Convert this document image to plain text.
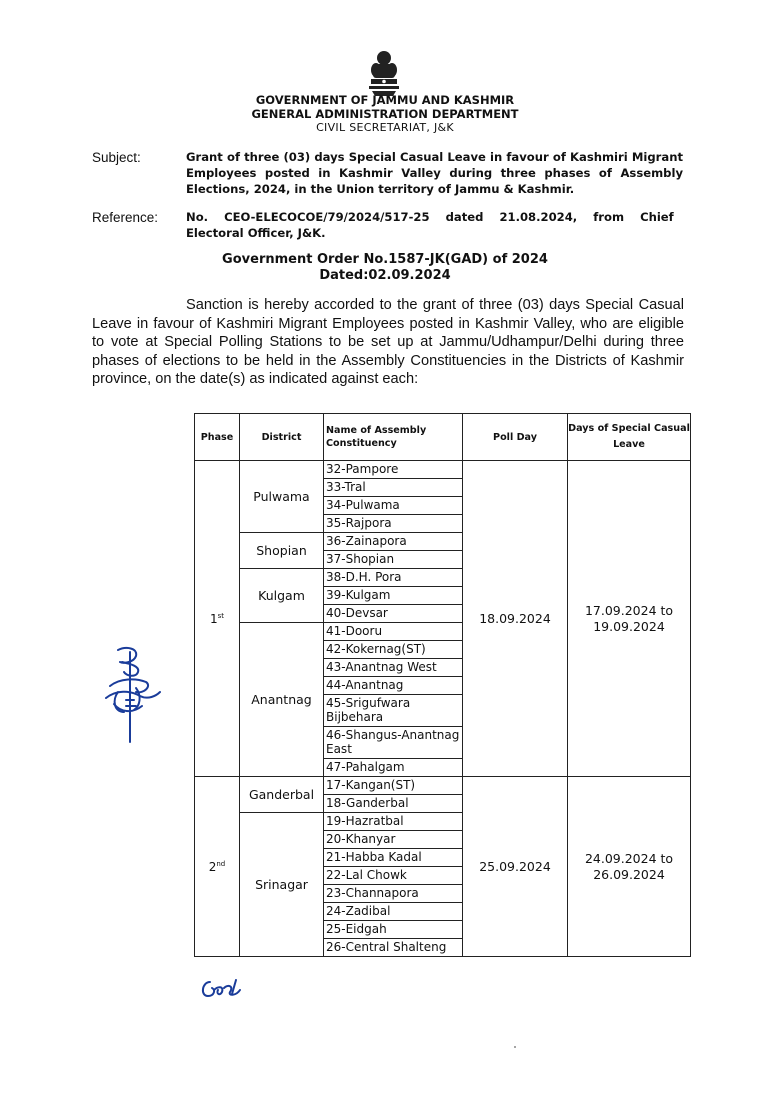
GOVERNMENT OF JAMMU AND KASHMIR
GENERAL ADMINISTRATION DEPARTMENT
CIVIL SECRETARIAT, J&K
Subject:	Grant of three (03) days Special Casual Leave in favour of Kashmiri Migrant Employees posted in Kashmir Valley during three phases of Assembly Elections, 2024, in the Union territory of Jammu & Kashmir.
Reference: No. CEO-ELECOCOE/79/2024/517-25 dated 21.08.2024, from Chief
Electoral Officer, J&K.
Government Order No.1587-JK(GAD) of 2024
Dated:02.09.2024
Sanction is hereby accorded to the grant of three (03) days Special Casual Leave in favour of Kashmiri Migrant Employees posted in Kashmir Valley, who are eligible to vote at Special Polling Stations to be set up at Jammu/Udhampur/Delhi during three phases of elections to be held in the Assembly Constituencies in the Districts of Kashmir province, on the date(s) as indicated against each:
Phase	District	Name of Assembly Constituency	Poll Day	Days of Special Casual Leave
1st	Pulwama	32-Pampore	18.09.2024	17.09.2024 to
19.09.2024
		33-Tral		
		34-Pulwama		
		35-Rajpora		
	Shopian	36-Zainapora		
		37-Shopian		
	Kulgam	38-D.H. Pora		
		39-Kulgam		
		40-Devsar		
	Anantnag	41-Dooru		
		42-Kokernag(ST)		
		43-Anantnag West		
		44-Anantnag		
		45-Srigufwara Bijbehara		
		46-Shangus-Anantnag East		
		47-Pahalgam		
2nd	Ganderbal	17-Kangan(ST)	25.09.2024	24.09.2024 to
26.09.2024
		18-Ganderbal		
	Srinagar	19-Hazratbal		
		20-Khanyar		
		21-Habba Kadal		
		22-Lal Chowk		
		23-Channapora		
		24-Zadibal		
		25-Eidgah		
		26-Central Shalteng		
